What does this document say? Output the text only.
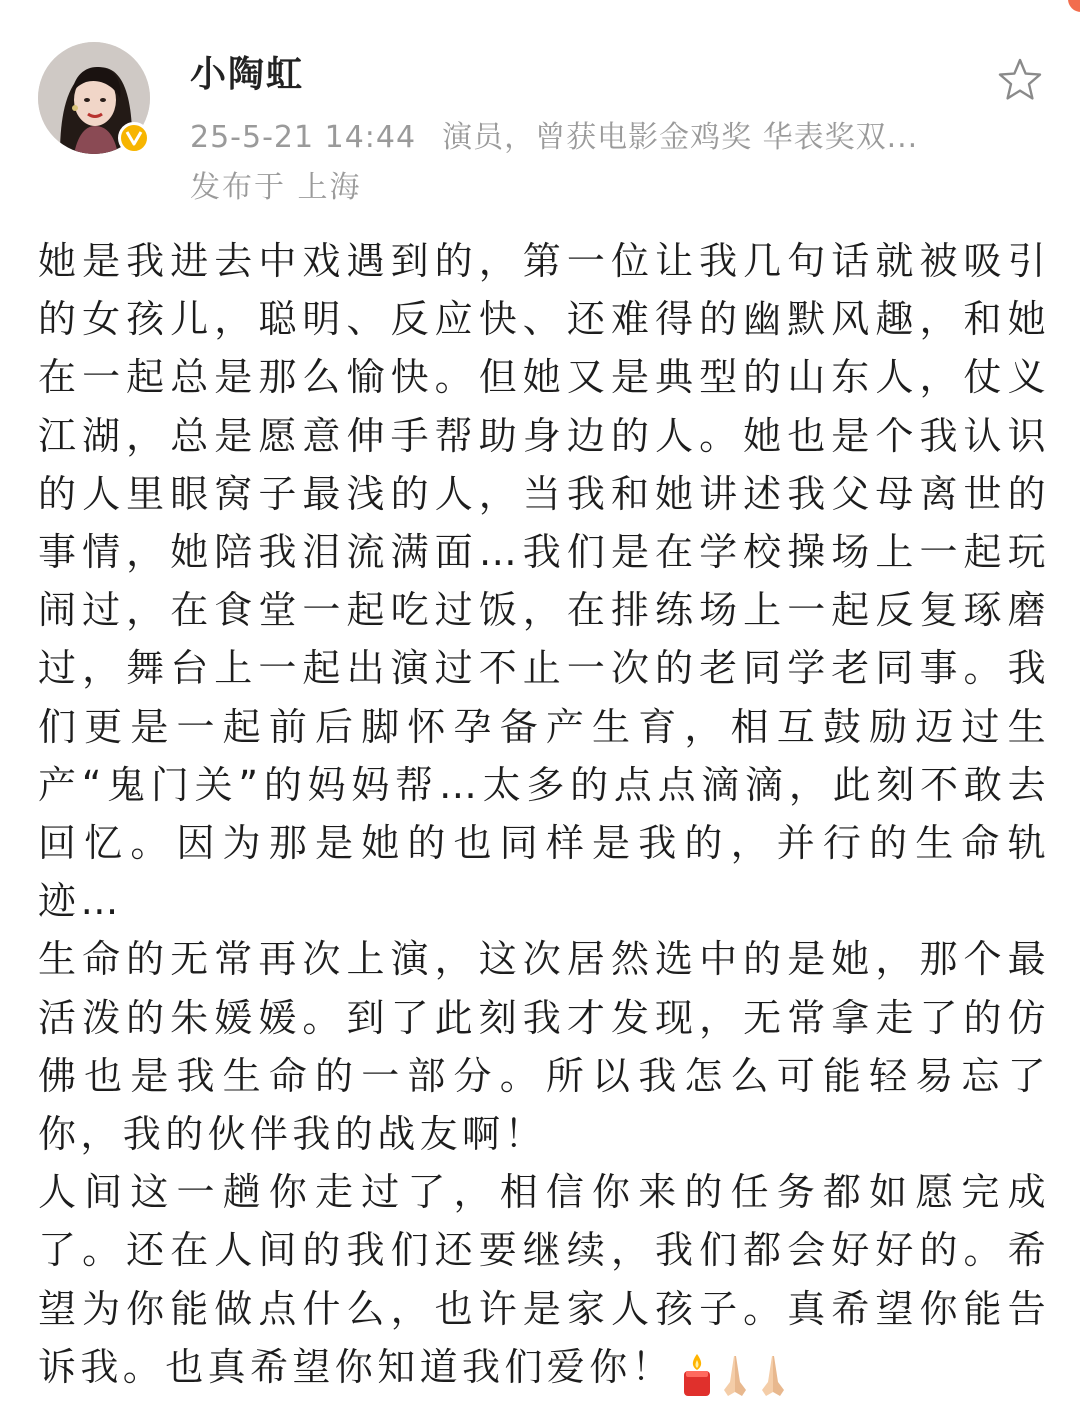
小陶虹
25-5-21 14:44 演员，曾获电影金鸡奖 华表奖双...
发布于 上海

她是我进去中戏遇到的，第一位让我几句话就被吸引的女孩儿，聪明、反应快、还难得的幽默风趣，和她在一起总是那么愉快。但她又是典型的山东人，仗义江湖，总是愿意伸手帮助身边的人。她也是个我认识的人里眼窝子最浅的人，当我和她讲述我父母离世的事情，她陪我泪流满面…我们是在学校操场上一起玩闹过，在食堂一起吃过饭，在排练场上一起反复琢磨过，舞台上一起出演过不止一次的老同学老同事。我们更是一起前后脚怀孕备产生育，相互鼓励迈过生产“鬼门关”的妈妈帮…太多的点点滴滴，此刻不敢去回忆。因为那是她的也同样是我的，并行的生命轨迹…

生命的无常再次上演，这次居然选中的是她，那个最活泼的朱媛媛。到了此刻我才发现，无常拿走了的仿佛也是我生命的一部分。所以我怎么可能轻易忘了你，我的伙伴我的战友啊！

人间这一趟你走过了，相信你来的任务都如愿完成了。还在人间的我们还要继续，我们都会好好的。希望为你能做点什么，也许是家人孩子。真希望你能告诉我。也真希望你知道我们爱你！
